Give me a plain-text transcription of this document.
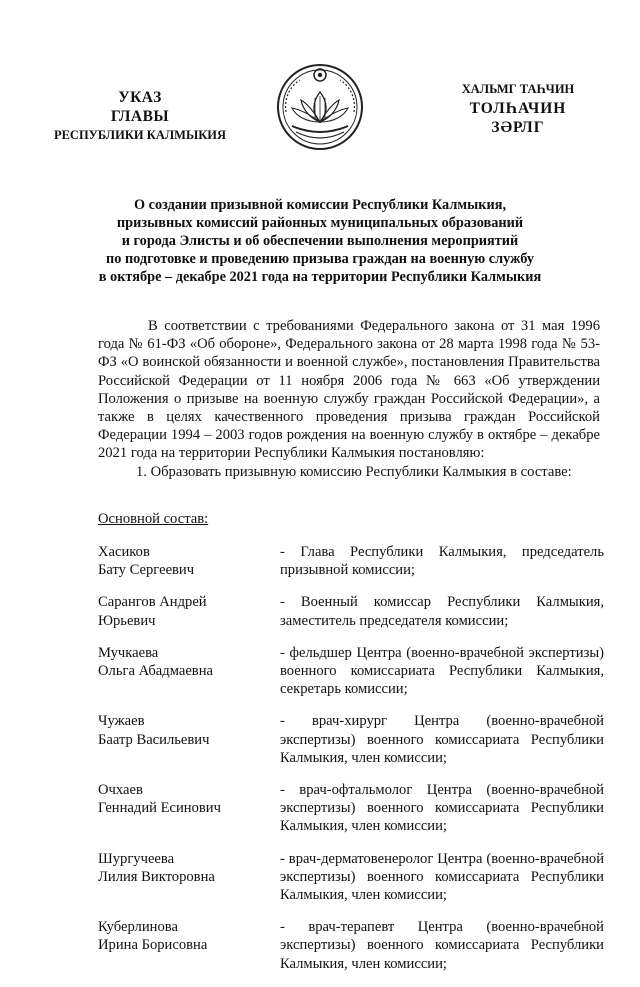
УКАЗ
ГЛАВЫ
РЕСПУБЛИКИ КАЛМЫКИЯ
ХАЛЬМГ ТАҺЧИН
ТОЛҺАЧИН
ЗӘРЛГ
О создании призывной комиссии Республики Калмыкия,
призывных комиссий районных муниципальных образований
и города Элисты и об обеспечении выполнения мероприятий
по подготовке и проведению призыва граждан на военную службу
в октябре – декабре 2021 года на территории Республики Калмыкия
В соответствии с требованиями Федерального закона от 31 мая 1996 года № 61-ФЗ «Об обороне», Федерального закона от 28 марта 1998 года № 53-ФЗ «О воинской обязанности и военной службе», постановления Правительства Российской Федерации от 11 ноября 2006 года № 663 «Об утверждении Положения о призыве на военную службу граждан Российской Федерации», а также в целях качественного проведения призыва граждан Российской Федерации 1994 – 2003 годов рождения на военную службу в октябре – декабре 2021 года на территории Республики Калмыкия постановляю:
1. Образовать призывную комиссию Республики Калмыкия в составе:
Основной состав:
Хасиков
Бату Сергеевич
- Глава Республики Калмыкия, председатель призывной комиссии;
Сарангов Андрей
Юрьевич
- Военный комиссар Республики Калмыкия, заместитель председателя комиссии;
Мучкаева
Ольга Абадмаевна
- фельдшер Центра (военно-врачебной экспертизы) военного комиссариата Республики Калмыкия, секретарь комиссии;
Чужаев
Баатр Васильевич
- врач-хирург Центра (военно-врачебной экспертизы) военного комиссариата Республики Калмыкия, член комиссии;
Очхаев
Геннадий Есинович
- врач-офтальмолог Центра (военно-врачебной экспертизы) военного комиссариата Республики Калмыкия, член комиссии;
Шургучеева
Лилия Викторовна
- врач-дерматовенеролог Центра (военно-врачебной экспертизы) военного комиссариата Республики Калмыкия, член комиссии;
Куберлинова
Ирина Борисовна
- врач-терапевт Центра (военно-врачебной экспертизы) военного комиссариата Республики Калмыкия, член комиссии;
